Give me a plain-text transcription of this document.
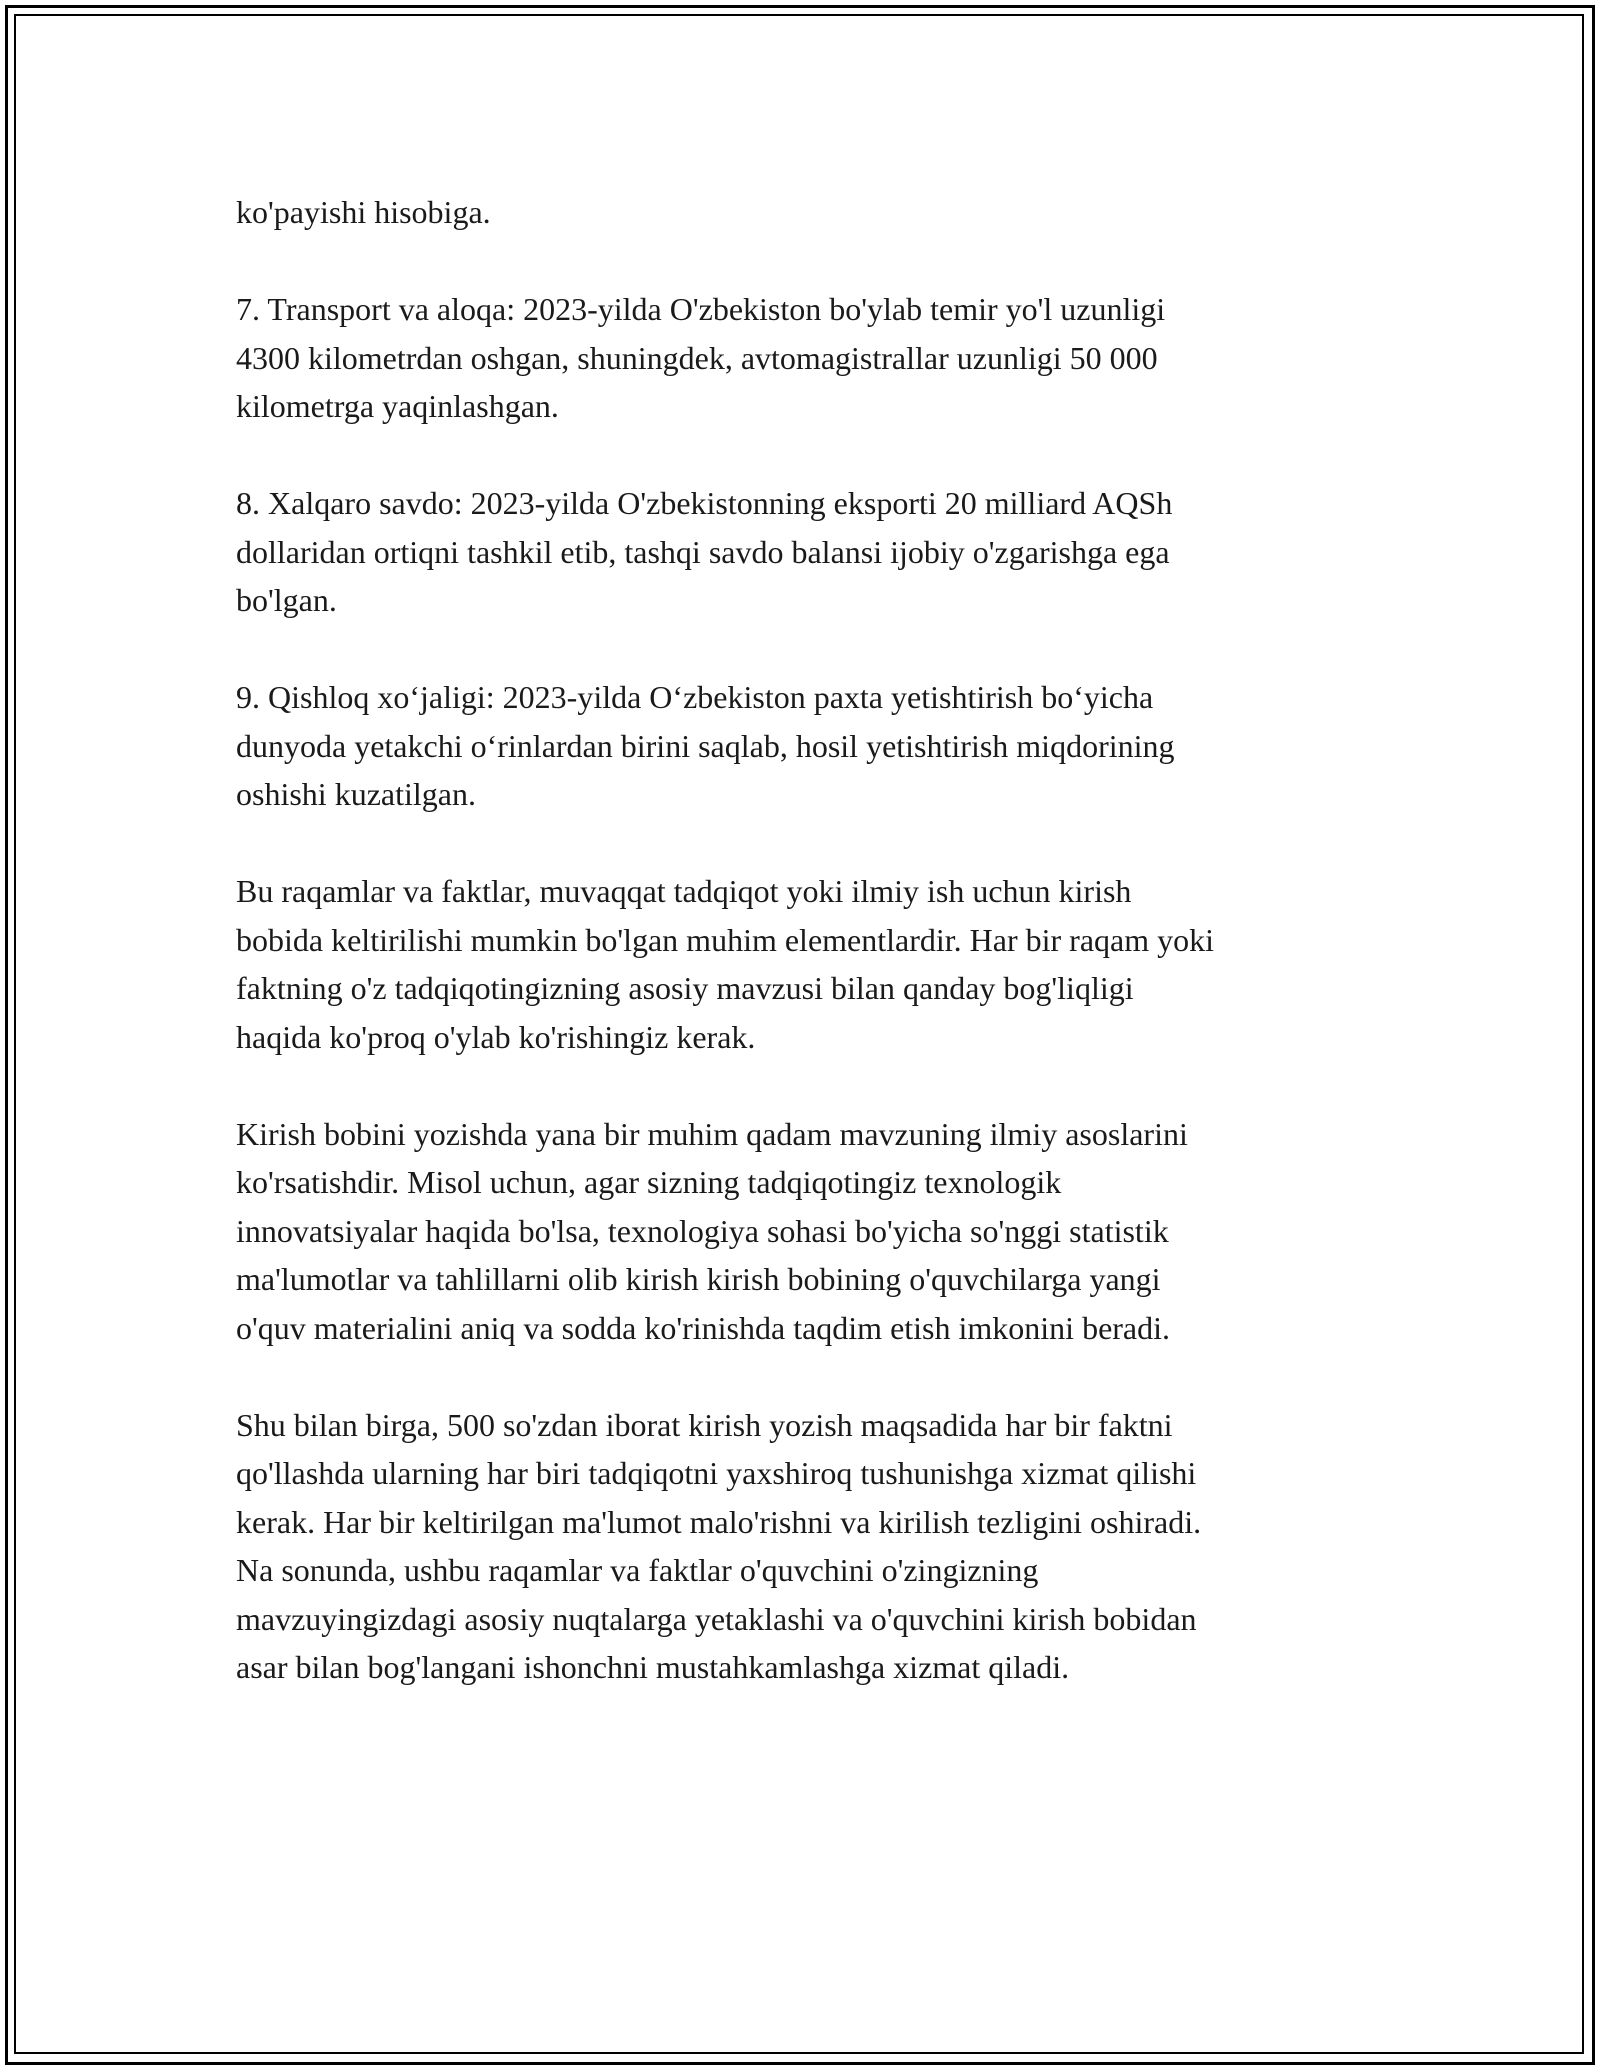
ko'payishi hisobiga.

7. Transport va aloqa: 2023-yilda O'zbekiston bo'ylab temir yo'l uzunligi
4300 kilometrdan oshgan, shuningdek, avtomagistrallar uzunligi 50 000
kilometrga yaqinlashgan.

8. Xalqaro savdo: 2023-yilda O'zbekistonning eksporti 20 milliard AQSh
dollaridan ortiqni tashkil etib, tashqi savdo balansi ijobiy o'zgarishga ega
bo'lgan.

9. Qishloq xo‘jaligi: 2023-yilda O‘zbekiston paxta yetishtirish bo‘yicha
dunyoda yetakchi o‘rinlardan birini saqlab, hosil yetishtirish miqdorining
oshishi kuzatilgan.

Bu raqamlar va faktlar, muvaqqat tadqiqot yoki ilmiy ish uchun kirish
bobida keltirilishi mumkin bo'lgan muhim elementlardir. Har bir raqam yoki
faktning o'z tadqiqotingizning asosiy mavzusi bilan qanday bog'liqligi
haqida ko'proq o'ylab ko'rishingiz kerak.

Kirish bobini yozishda yana bir muhim qadam mavzuning ilmiy asoslarini
ko'rsatishdir. Misol uchun, agar sizning tadqiqotingiz texnologik
innovatsiyalar haqida bo'lsa, texnologiya sohasi bo'yicha so'nggi statistik
ma'lumotlar va tahlillarni olib kirish kirish bobining o'quvchilarga yangi
o'quv materialini aniq va sodda ko'rinishda taqdim etish imkonini beradi.

Shu bilan birga, 500 so'zdan iborat kirish yozish maqsadida har bir faktni
qo'llashda ularning har biri tadqiqotni yaxshiroq tushunishga xizmat qilishi
kerak. Har bir keltirilgan ma'lumot malo'rishni va kirilish tezligini oshiradi.
Na sonunda, ushbu raqamlar va faktlar o'quvchini o'zingizning
mavzuyingizdagi asosiy nuqtalarga yetaklashi va o'quvchini kirish bobidan
asar bilan bog'langani ishonchni mustahkamlashga xizmat qiladi.
